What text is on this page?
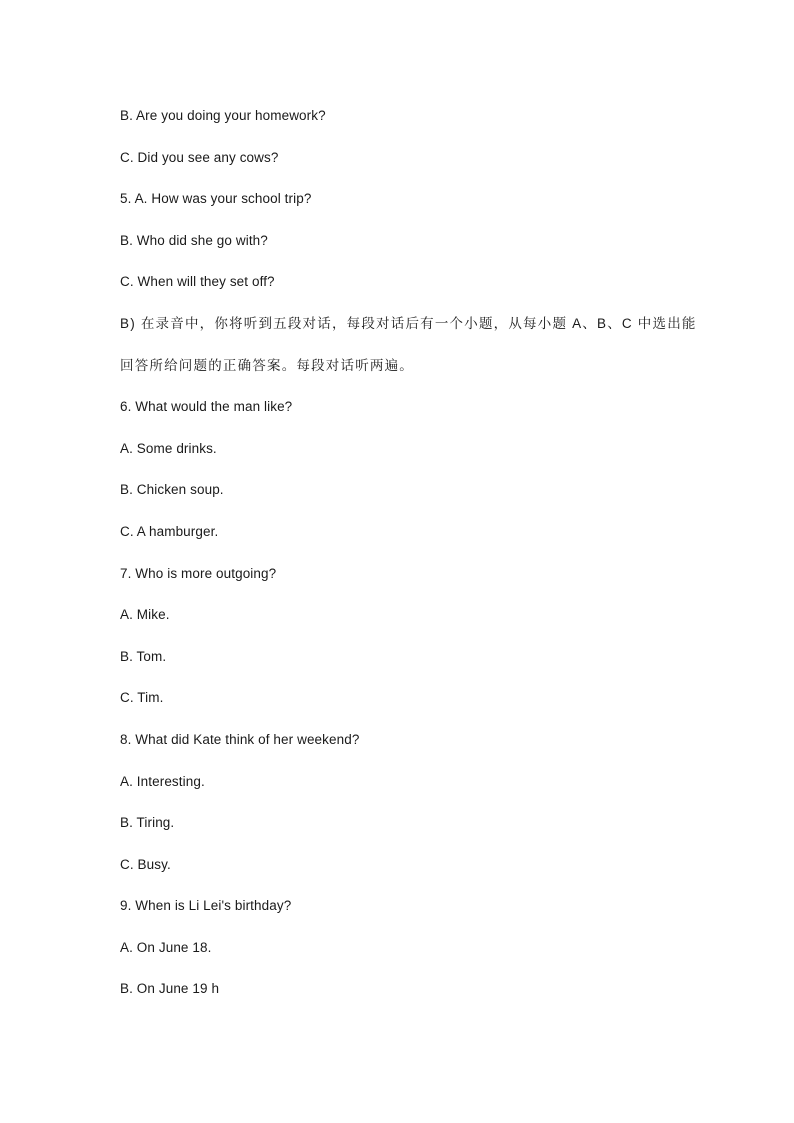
B. Are you doing your homework?
C. Did you see any cows?
5. A. How was your school trip?
B. Who did she go with?
C. When will they set off?
B) 在录音中，你将听到五段对话，每段对话后有一个小题，从每小题 A、B、C 中选出能
回答所给问题的正确答案。每段对话听两遍。
6. What would the man like?
A. Some drinks.
B. Chicken soup.
C. A hamburger.
7. Who is more outgoing?
A. Mike.
B. Tom.
C. Tim.
8. What did Kate think of her weekend?
A. Interesting.
B. Tiring.
C. Busy.
9. When is Li Lei's birthday?
A. On June 18.
B. On June 19 h
